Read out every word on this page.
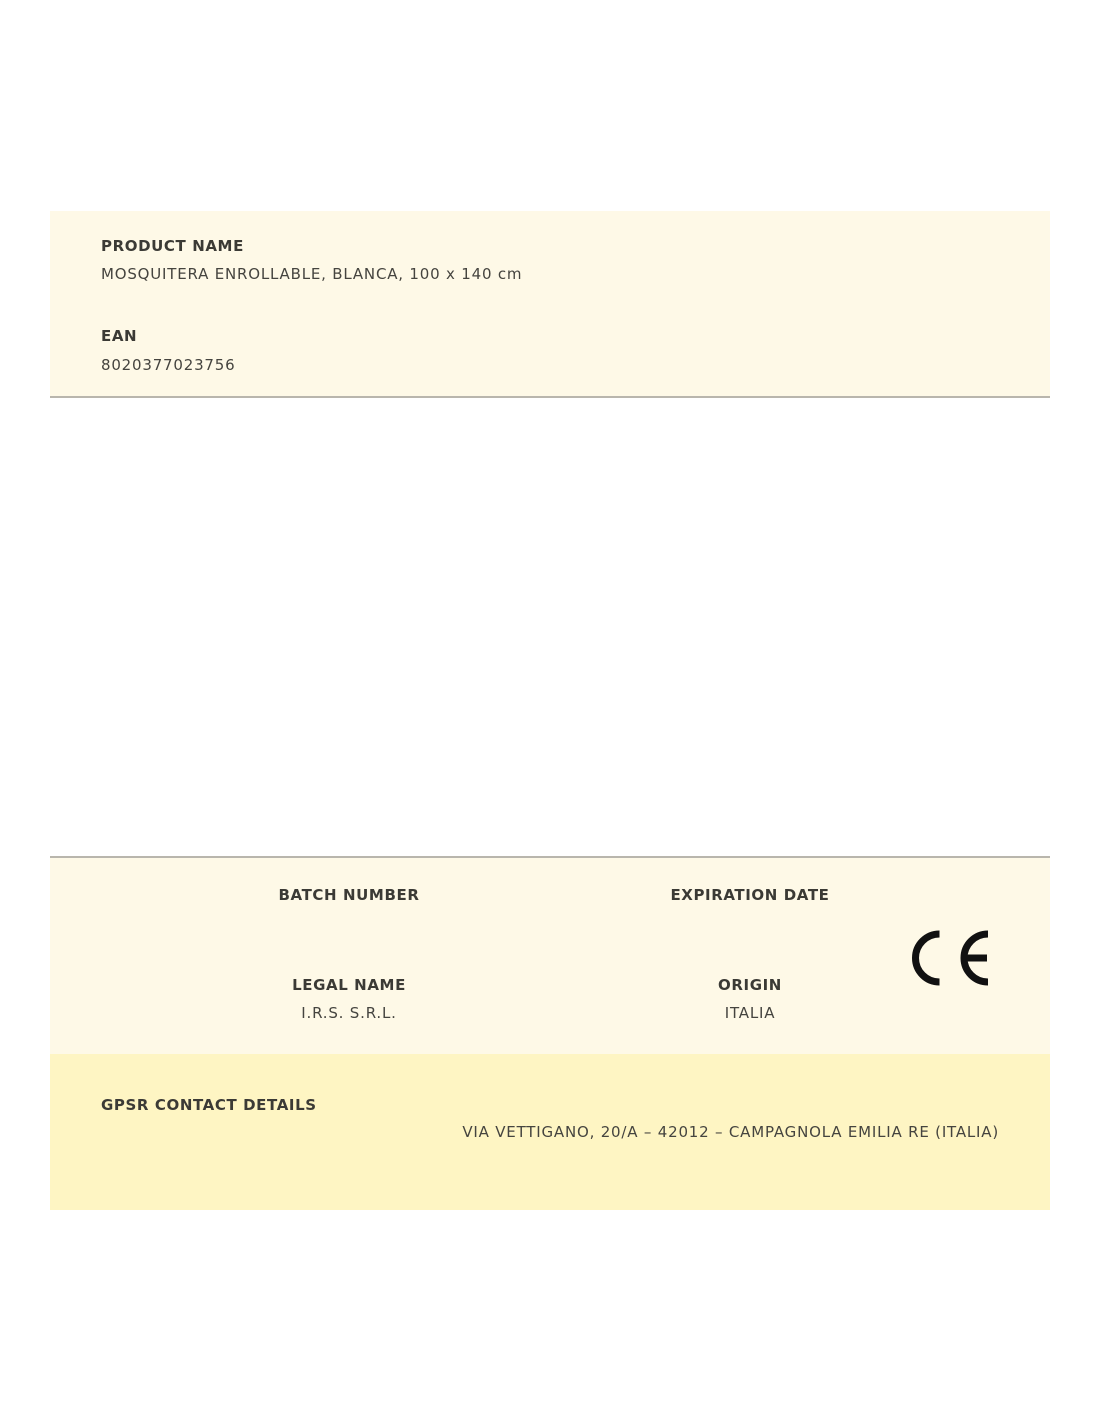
PRODUCT NAME
MOSQUITERA ENROLLABLE, BLANCA, 100 x 140 cm
EAN
8020377023756
BATCH NUMBER	EXPIRATION DATE
LEGAL NAME
I.R.S. S.R.L.
ORIGIN
ITALIA
GPSR CONTACT DETAILS
VIA VETTIGANO, 20/A – 42012 – CAMPAGNOLA EMILIA RE (ITALIA)
